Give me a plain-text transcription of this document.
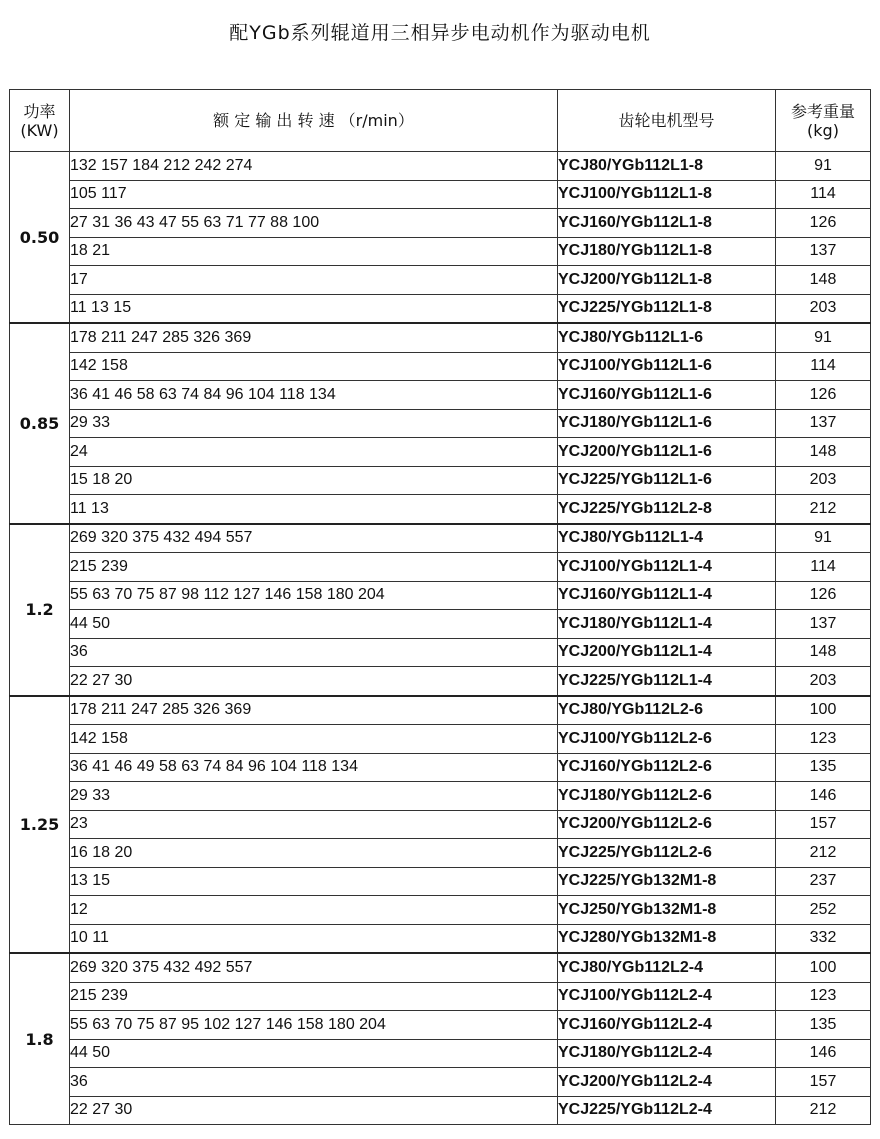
配YGb系列辊道用三相异步电动机作为驱动电机
功率
(KW)	额 定 输 出 转 速 （r/min）	齿轮电机型号	参考重量
(kg)

0.50	132 157 184 212 242 274	YCJ80/YGb112L1-8	91
	105 117	YCJ100/YGb112L1-8	114
	27 31 36 43 47 55 63 71 77 88 100	YCJ160/YGb112L1-8	126
	18 21	YCJ180/YGb112L1-8	137
	17	YCJ200/YGb112L1-8	148
	11 13 15	YCJ225/YGb112L1-8	203
0.85	178 211 247 285 326 369	YCJ80/YGb112L1-6	91
	142 158	YCJ100/YGb112L1-6	114
	36 41 46 58 63 74 84 96 104 118 134	YCJ160/YGb112L1-6	126
	29 33	YCJ180/YGb112L1-6	137
	24	YCJ200/YGb112L1-6	148
	15 18 20	YCJ225/YGb112L1-6	203
	11 13	YCJ225/YGb112L2-8	212
1.2	269 320 375 432 494 557	YCJ80/YGb112L1-4	91
	215 239	YCJ100/YGb112L1-4	114
	55 63 70 75 87 98 112 127 146 158 180 204	YCJ160/YGb112L1-4	126
	44 50	YCJ180/YGb112L1-4	137
	36	YCJ200/YGb112L1-4	148
	22 27 30	YCJ225/YGb112L1-4	203
1.25	178 211 247 285 326 369	YCJ80/YGb112L2-6	100
	142 158	YCJ100/YGb112L2-6	123
	36 41 46 49 58 63 74 84 96 104 118 134	YCJ160/YGb112L2-6	135
	29 33	YCJ180/YGb112L2-6	146
	23	YCJ200/YGb112L2-6	157
	16 18 20	YCJ225/YGb112L2-6	212
	13 15	YCJ225/YGb132M1-8	237
	12	YCJ250/YGb132M1-8	252
	10 11	YCJ280/YGb132M1-8	332
1.8	269 320 375 432 492 557	YCJ80/YGb112L2-4	100
	215 239	YCJ100/YGb112L2-4	123
	55 63 70 75 87 95 102 127 146 158 180 204	YCJ160/YGb112L2-4	135
	44 50	YCJ180/YGb112L2-4	146
	36	YCJ200/YGb112L2-4	157
	22 27 30	YCJ225/YGb112L2-4	212
